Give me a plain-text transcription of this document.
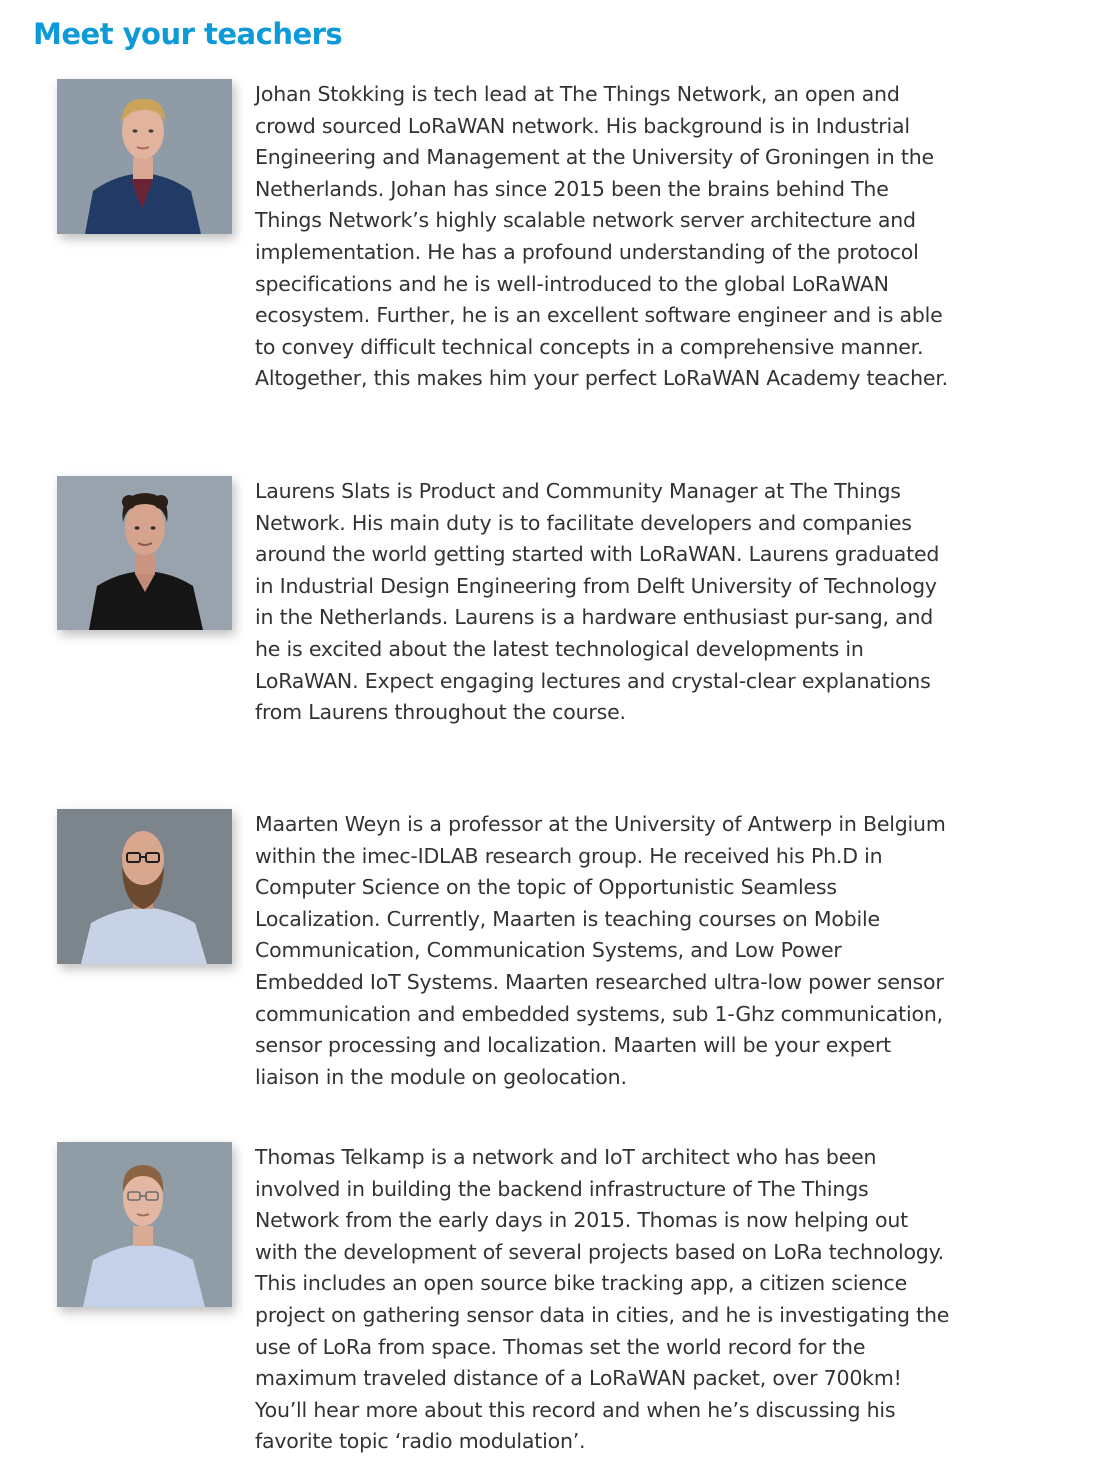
Meet your teachers

Johan Stokking is tech lead at The Things Network, an open and crowd sourced LoRaWAN network. His background is in Industrial Engineering and Management at the University of Groningen in the Netherlands. Johan has since 2015 been the brains behind The Things Network’s highly scalable network server architecture and implementation. He has a profound understanding of the protocol specifications and he is well-introduced to the global LoRaWAN ecosystem. Further, he is an excellent software engineer and is able to convey difficult technical concepts in a comprehensive manner. Altogether, this makes him your perfect LoRaWAN Academy teacher.

Laurens Slats is Product and Community Manager at The Things Network. His main duty is to facilitate developers and companies around the world getting started with LoRaWAN. Laurens graduated in Industrial Design Engineering from Delft University of Technology in the Netherlands. Laurens is a hardware enthusiast pur-sang, and he is excited about the latest technological developments in LoRaWAN. Expect engaging lectures and crystal-clear explanations from Laurens throughout the course.

Maarten Weyn is a professor at the University of Antwerp in Belgium within the imec-IDLAB research group. He received his Ph.D in Computer Science on the topic of Opportunistic Seamless Localization. Currently, Maarten is teaching courses on Mobile Communication, Communication Systems, and Low Power Embedded IoT Systems. Maarten researched ultra-low power sensor communication and embedded systems, sub 1-Ghz communication, sensor processing and localization. Maarten will be your expert liaison in the module on geolocation.

Thomas Telkamp is a network and IoT architect who has been involved in building the backend infrastructure of The Things Network from the early days in 2015. Thomas is now helping out with the development of several projects based on LoRa technology. This includes an open source bike tracking app, a citizen science project on gathering sensor data in cities, and he is investigating the use of LoRa from space. Thomas set the world record for the maximum traveled distance of a LoRaWAN packet, over 700km! You’ll hear more about this record and when he’s discussing his favorite topic ‘radio modulation’.
